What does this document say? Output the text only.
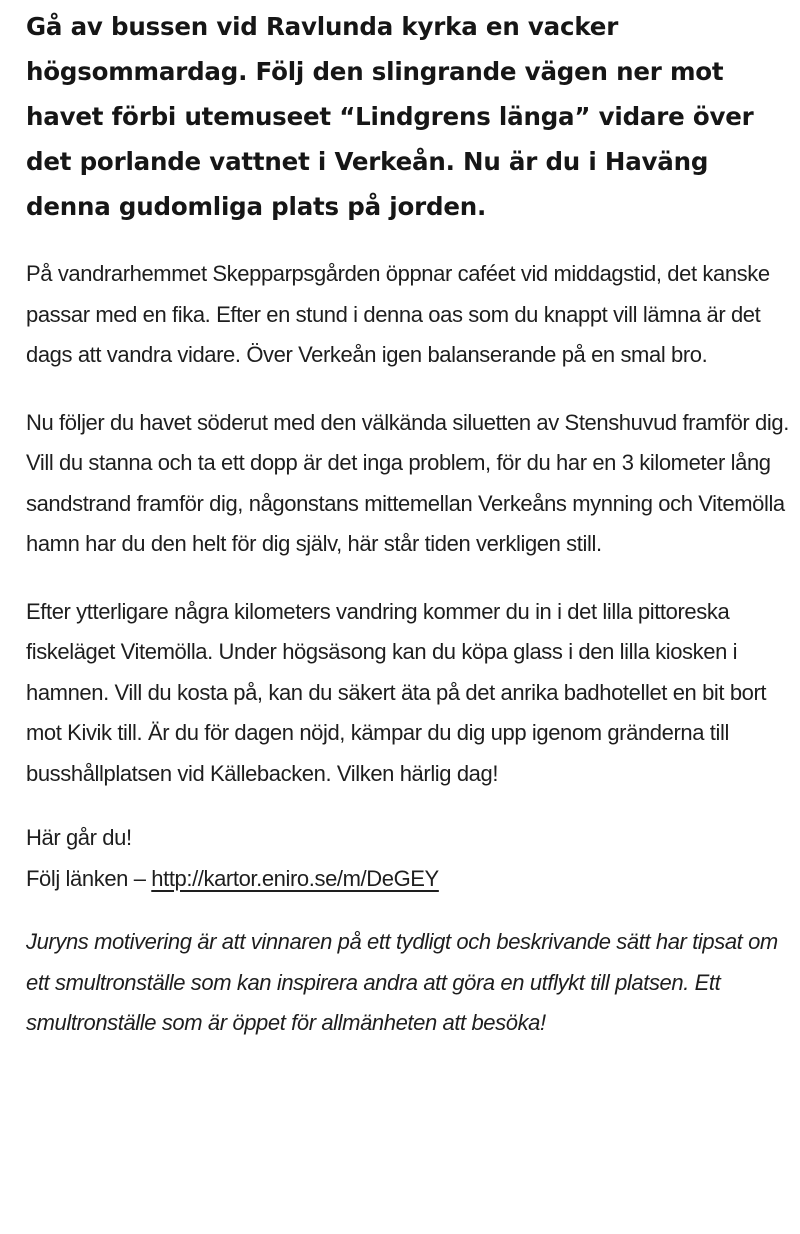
Gå av bussen vid Ravlunda kyrka en vacker högsommardag. Följ den slingrande vägen ner mot havet förbi utemuseet “Lindgrens länga” vidare över det porlande vattnet i Verkeån. Nu är du i Haväng denna gudomliga plats på jorden.

På vandrarhemmet Skepparpsgården öppnar caféet vid middagstid, det kanske passar med en fika. Efter en stund i denna oas som du knappt vill lämna är det dags att vandra vidare. Över Verkeån igen balanserande på en smal bro.

Nu följer du havet söderut med den välkända siluetten av Stenshuvud framför dig. Vill du stanna och ta ett dopp är det inga problem, för du har en 3 kilometer lång sandstrand framför dig, någonstans mittemellan Verkeåns mynning och Vitemölla hamn har du den helt för dig själv, här står tiden verkligen still.

Efter ytterligare några kilometers vandring kommer du in i det lilla pittoreska fiskeläget Vitemölla. Under högsäsong kan du köpa glass i den lilla kiosken i hamnen. Vill du kosta på, kan du säkert äta på det anrika badhotellet en bit bort mot Kivik till. Är du för dagen nöjd, kämpar du dig upp igenom gränderna till busshållplatsen vid Källebacken. Vilken härlig dag!

Här går du!
Följ länken – http://kartor.eniro.se/m/DeGEY

Juryns motivering är att vinnaren på ett tydligt och beskrivande sätt har tipsat om ett smultronställe som kan inspirera andra att göra en utflykt till platsen. Ett smultronställe som är öppet för allmänheten att besöka!
